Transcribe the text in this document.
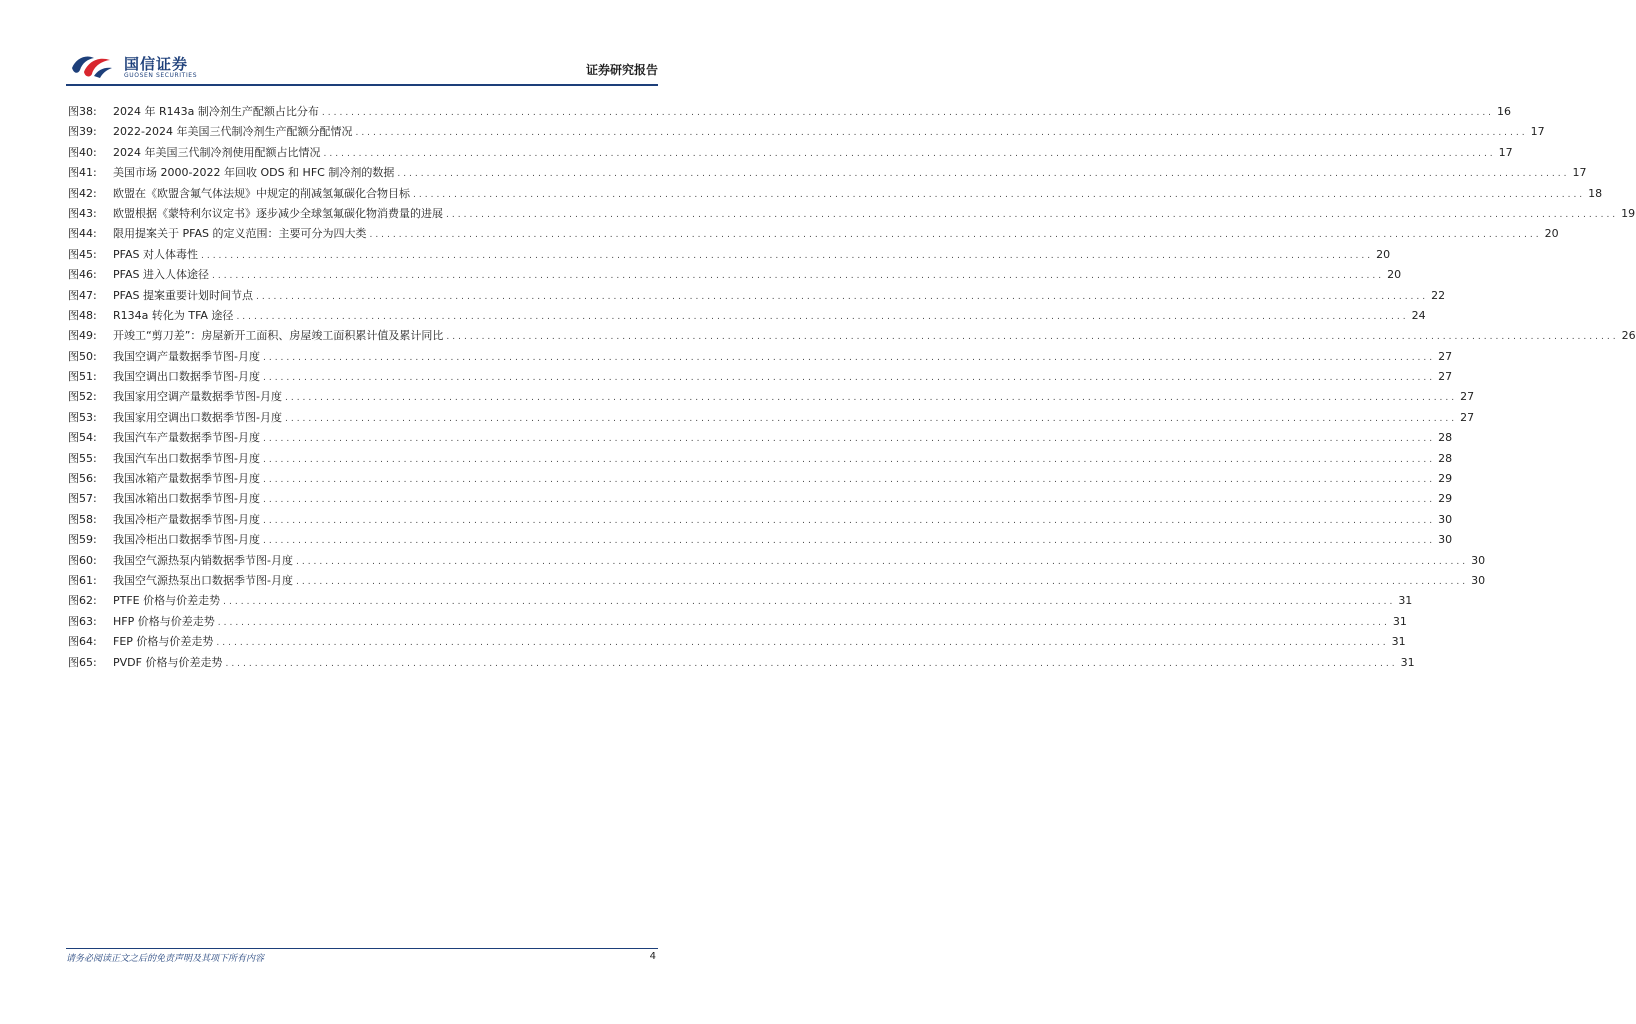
国信证券
GUOSEN SECURITIES	证券研究报告
图38:	2024 年 R143a 制冷剂生产配额占比分布 ........................................................................................................................................................................................................ 16
图39:	2022-2024 年美国三代制冷剂生产配额分配情况 ........................................................................................................................................................................................................ 17
图40:	2024 年美国三代制冷剂使用配额占比情况 ........................................................................................................................................................................................................ 17
图41:	美国市场 2000-2022 年回收 ODS 和 HFC 制冷剂的数据 ........................................................................................................................................................................................................ 17
图42:	欧盟在《欧盟含氟气体法规》中规定的削减氢氟碳化合物目标 ........................................................................................................................................................................................................ 18
图43:	欧盟根据《蒙特利尔议定书》逐步减少全球氢氟碳化物消费量的进展 ........................................................................................................................................................................................................ 19
图44:	限用提案关于 PFAS 的定义范围：主要可分为四大类 ........................................................................................................................................................................................................ 20
图45:	PFAS 对人体毒性 ........................................................................................................................................................................................................ 20
图46:	PFAS 进入人体途径 ........................................................................................................................................................................................................ 20
图47:	PFAS 提案重要计划时间节点 ........................................................................................................................................................................................................ 22
图48:	R134a 转化为 TFA 途径 ........................................................................................................................................................................................................ 24
图49:	开竣工“剪刀差”：房屋新开工面积、房屋竣工面积累计值及累计同比 ........................................................................................................................................................................................................ 26
图50:	我国空调产量数据季节图-月度 ........................................................................................................................................................................................................ 27
图51:	我国空调出口数据季节图-月度 ........................................................................................................................................................................................................ 27
图52:	我国家用空调产量数据季节图-月度 ........................................................................................................................................................................................................ 27
图53:	我国家用空调出口数据季节图-月度 ........................................................................................................................................................................................................ 27
图54:	我国汽车产量数据季节图-月度 ........................................................................................................................................................................................................ 28
图55:	我国汽车出口数据季节图-月度 ........................................................................................................................................................................................................ 28
图56:	我国冰箱产量数据季节图-月度 ........................................................................................................................................................................................................ 29
图57:	我国冰箱出口数据季节图-月度 ........................................................................................................................................................................................................ 29
图58:	我国冷柜产量数据季节图-月度 ........................................................................................................................................................................................................ 30
图59:	我国冷柜出口数据季节图-月度 ........................................................................................................................................................................................................ 30
图60:	我国空气源热泵内销数据季节图-月度 ........................................................................................................................................................................................................ 30
图61:	我国空气源热泵出口数据季节图-月度 ........................................................................................................................................................................................................ 30
图62:	PTFE 价格与价差走势 ........................................................................................................................................................................................................ 31
图63:	HFP 价格与价差走势 ........................................................................................................................................................................................................ 31
图64:	FEP 价格与价差走势 ........................................................................................................................................................................................................ 31
图65:	PVDF 价格与价差走势 ........................................................................................................................................................................................................ 31
请务必阅读正文之后的免责声明及其项下所有内容	4
